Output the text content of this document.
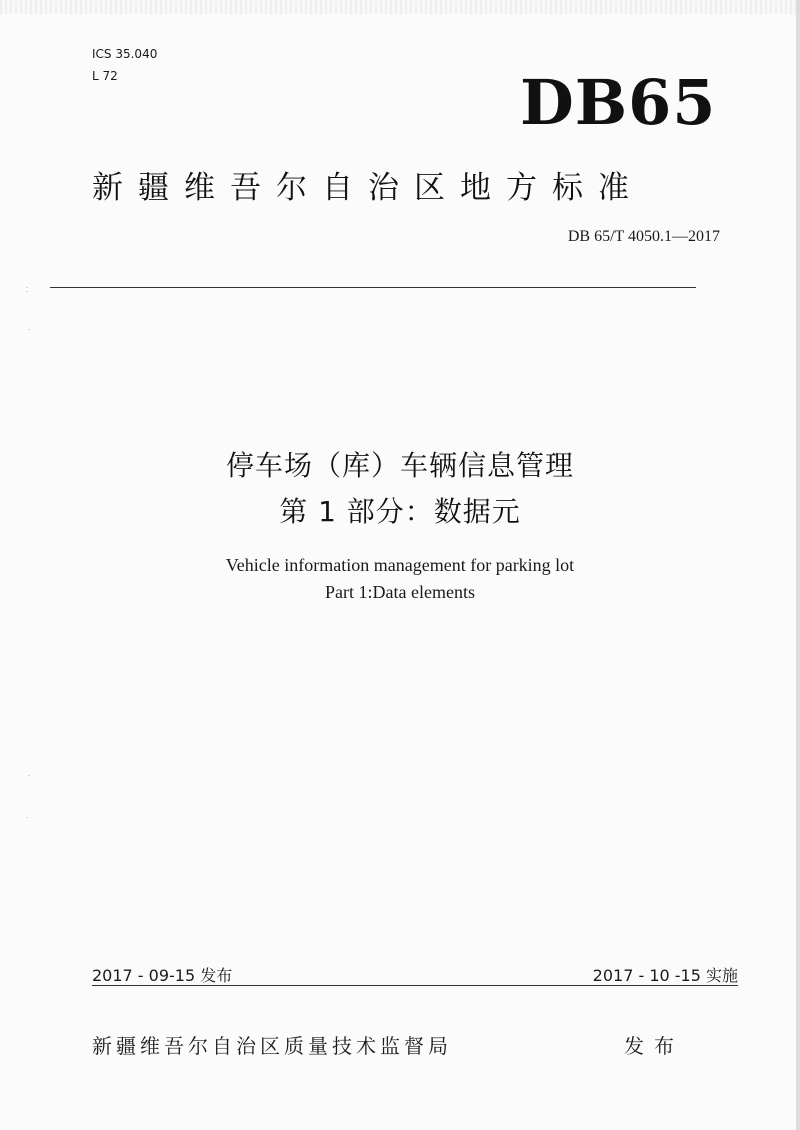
ICS 35.040
L 72	DB65
新疆维吾尔自治区地方标准
DB 65/T 4050.1—2017
⁚
·
·
·
停车场（库）车辆信息管理
第 1 部分：数据元
Vehicle information management for parking lot
Part 1:Data elements
2017 - 09-15 发布	2017 - 10 -15 实施
新疆维吾尔自治区质量技术监督局	发布
